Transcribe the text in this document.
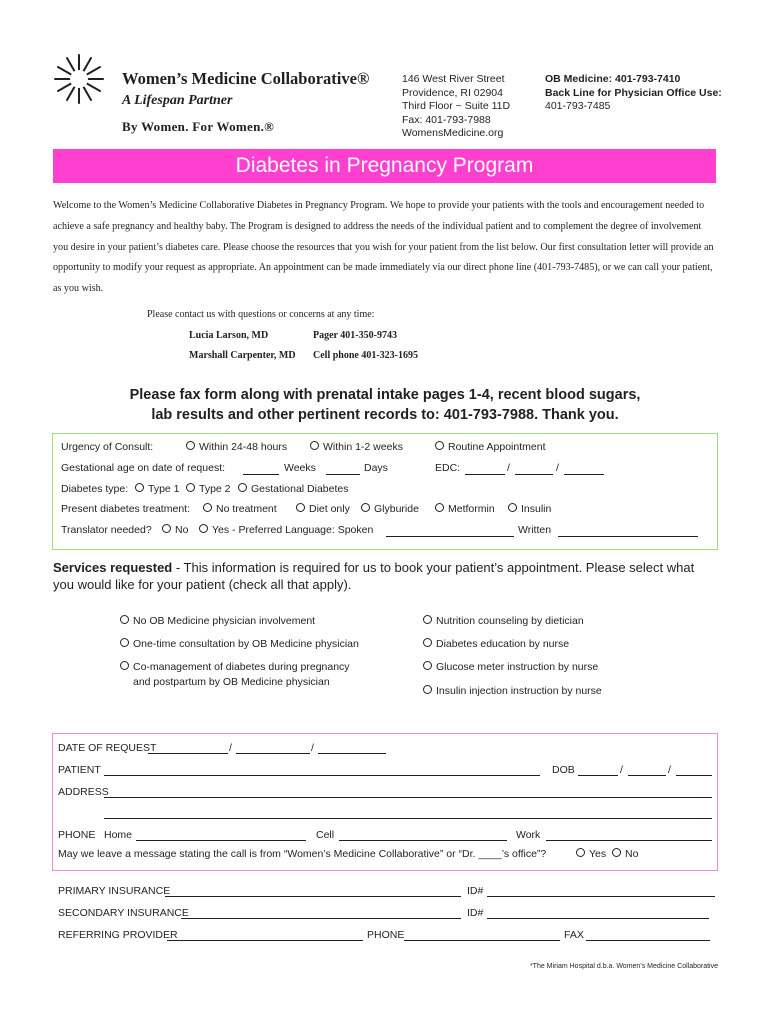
Women’s Medicine Collaborative®
A Lifespan Partner
By Women. For Women.®
146 West River Street
Providence, RI 02904
Third Floor ~ Suite 11D
Fax: 401-793-7988
WomensMedicine.org
OB Medicine: 401-793-7410
Back Line for Physician Office Use:
401-793-7485
Diabetes in Pregnancy Program
Welcome to the Women’s Medicine Collaborative Diabetes in Pregnancy Program. We hope to provide your patients with the tools and encouragement needed to achieve a safe pregnancy and healthy baby. The Program is designed to address the needs of the individual patient and to complement the degree of involvement you desire in your patient’s diabetes care. Please choose the resources that you wish for your patient from the list below. Our first consultation letter will provide an opportunity to modify your request as appropriate. An appointment can be made immediately via our direct phone line (401-793-7485), or we can call your patient, as you wish.
Please contact us with questions or concerns at any time:
Lucia Larson, MD	Pager 401-350-9743
Marshall Carpenter, MD Cell phone 401-323-1695
Please fax form along with prenatal intake pages 1-4, recent blood sugars,
lab results and other pertinent records to: 401-793-7988. Thank you.
Urgency of Consult:	Within 24-48 hours	Within 1-2 weeks	Routine Appointment
Gestational age on date of request:	Weeks	Days	EDC:	/	/
Diabetes type:	Type 1	Type 2	Gestational Diabetes
Present diabetes treatment:	No treatment	Diet only	Glyburide	Metformin	Insulin
Translator needed?	No	Yes - Preferred Language: Spoken	Written
Services requested - This information is required for us to book your patient’s appointment. Please select what you would like for your patient (check all that apply).
No OB Medicine physician involvement
One-time consultation by OB Medicine physician
Co-management of diabetes during pregnancy
and postpartum by OB Medicine physician
Nutrition counseling by dietician
Diabetes education by nurse
Glucose meter instruction by nurse
Insulin injection instruction by nurse
DATE OF REQUEST	/	/
PATIENT	DOB	/	/
ADDRESS
PHONE Home	Cell	Work
May we leave a message stating the call is from “Women’s Medicine Collaborative” or “Dr. ____’s office”?	Yes	No
PRIMARY INSURANCE	ID#
SECONDARY INSURANCE	ID#
REFERRING PROVIDER	PHONE	FAX
*The Miriam Hospital d.b.a. Women’s Medicine Collaborative
